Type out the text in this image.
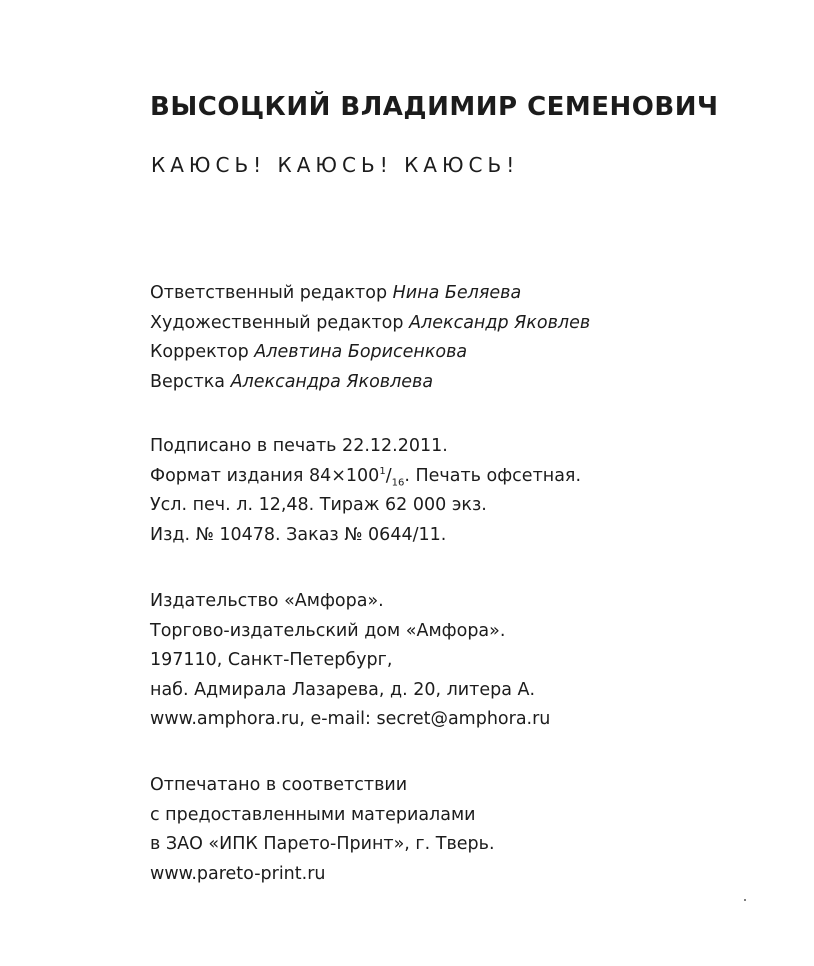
ВЫСОЦКИЙ ВЛАДИМИР СЕМЕНОВИЧ
КАЮСЬ! КАЮСЬ! КАЮСЬ!
Ответственный редактор Нина Беляева
Художественный редактор Александр Яковлев
Корректор Алевтина Борисенкова
Верстка Александра Яковлева
Подписано в печать 22.12.2011.
Формат издания $84\times 100^1/_{16}$. Печать офсетная.
Усл. печ. л. 12,48. Тираж 62 000 экз.
Изд. № 10478. Заказ № 0644/11.
Издательство «Амфора».
Торгово-издательский дом «Амфора».
197110, Санкт-Петербург,
наб. Адмирала Лазарева, д. 20, литера А.
www.amphora.ru, e-mail: secret@amphora.ru
Отпечатано в соответствии
с предоставленными материалами
в ЗАО «ИПК Парето-Принт», г. Тверь.
www.pareto-print.ru
